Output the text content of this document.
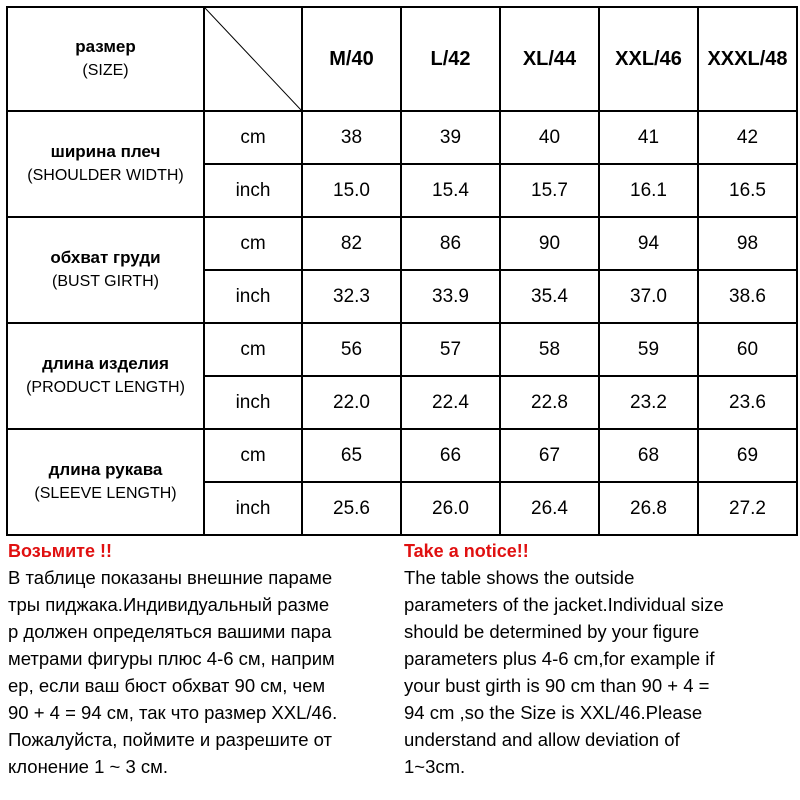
размер
(SIZE)		M/40	L/42	XL/44	XXL/46	XXXL/48

ширина плеч
(SHOULDER WIDTH)	cm	38	39	40	41	42
	inch	15.0	15.4	15.7	16.1	16.5

обхват груди
(BUST GIRTH)	cm	82	86	90	94	98
	inch	32.3	33.9	35.4	37.0	38.6

длина изделия
(PRODUCT LENGTH)	cm	56	57	58	59	60
	inch	22.0	22.4	22.8	23.2	23.6

длина рукава
(SLEEVE LENGTH)	cm	65	66	67	68	69
	inch	25.6	26.0	26.4	26.8	27.2
Возьмите !!
В таблице показаны внешние параме
тры пиджака.Индивидуальный разме
р должен определяться вашими пара
метрами фигуры плюс 4-6 см, наприм
ер, если ваш бюст обхват 90 см, чем
90 + 4 = 94 см, так что размер XXL/46.
Пожалуйста, поймите и разрешите от
клонение 1 ~ 3 см.
Take a notice!!
The table shows the outside
parameters of the jacket.Individual size
should be determined by your figure
parameters plus 4-6 cm,for example if
your bust girth is 90 cm than 90 + 4 =
94 cm ,so the Size is XXL/46.Please
understand and allow deviation of
1~3cm.
